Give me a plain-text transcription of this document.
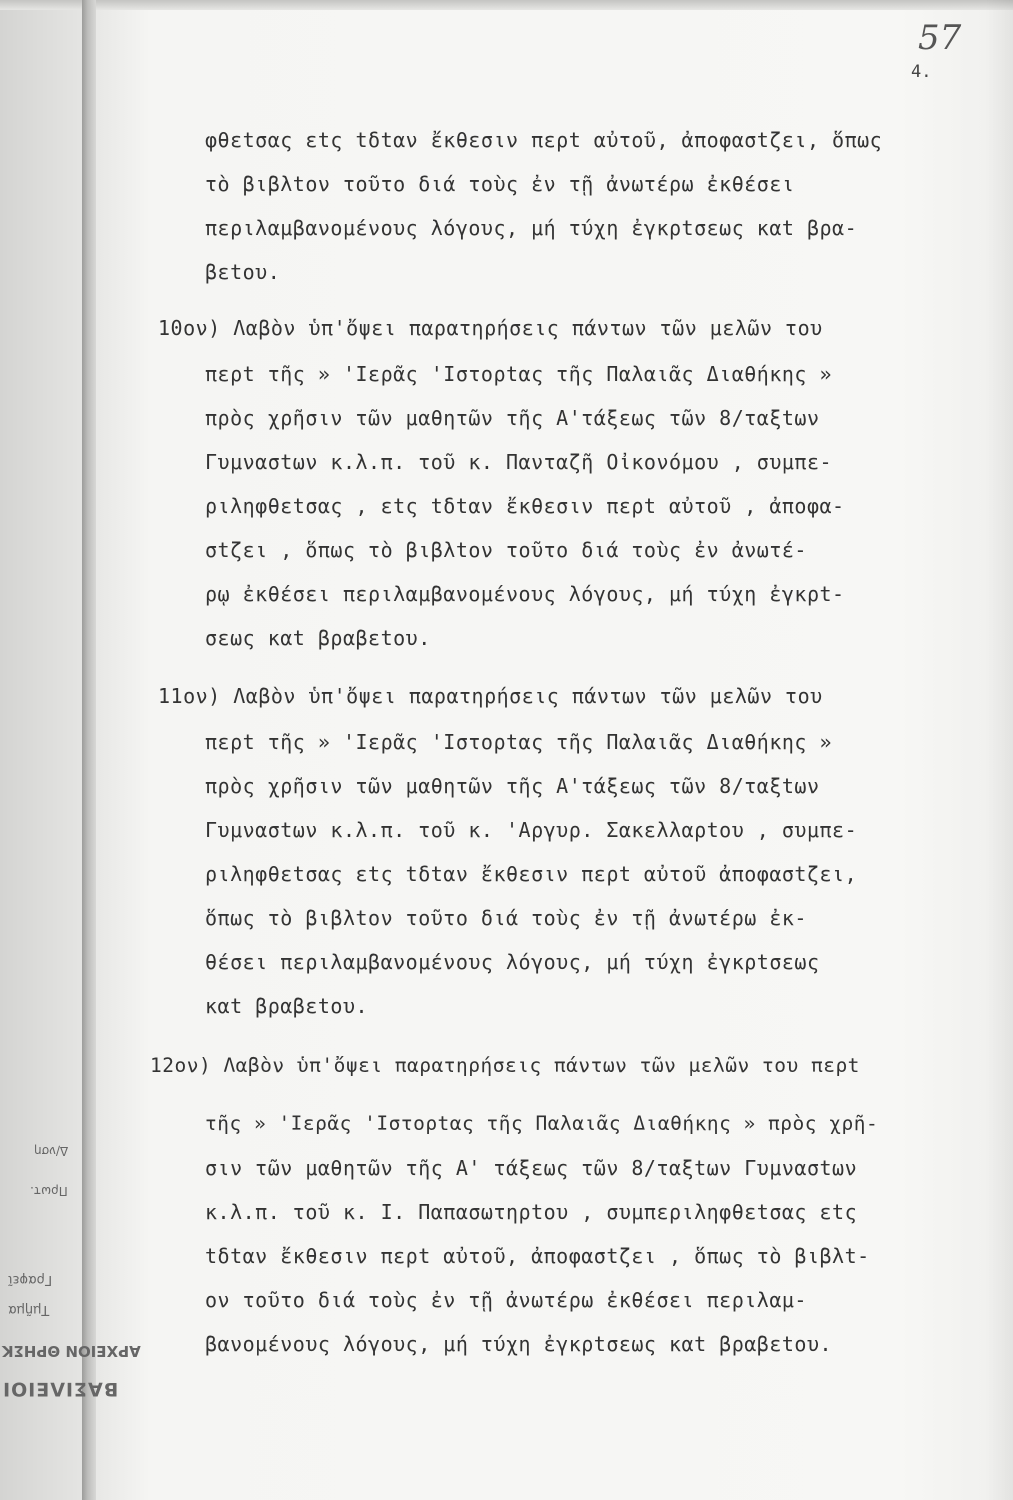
57
4.
φθεtσας εtς tδtαν ἔκθεσιν περt αὐτοῦ, ἀποφασtζει, ὅπως
τὸ βιβλtον τοῦτο διά τοὺς ἐν τῇ ἀνωτέρω ἐκθέσει
περιλαμβανομένους λόγους, μή τύχη ἐγκρtσεως καt βρα-
βεtου.
10ον) Λαβὸν ὑπ'ὄψει παρατηρήσεις πάντων τῶν μελῶν του
περt τῆς » 'Ιερᾶς 'Ιστορtας τῆς Παλαιᾶς Διαθήκης »
πρὸς χρῆσιν τῶν μαθητῶν τῆς Α'τάξεως τῶν 8/ταξtων
Γυμνασtων κ.λ.π. τοῦ κ. Πανταζῆ Οἰκονόμου , συμπε-
ριληφθεtσας , εtς tδtαν ἔκθεσιν περt αὐτοῦ , ἀποφα-
σtζει , ὅπως τὸ βιβλtον τοῦτο διά τοὺς ἐν ἀνωτέ-
ρῳ ἐκθέσει περιλαμβανομένους λόγους, μή τύχη ἐγκρt-
σεως καt βραβεtου.
11ον) Λαβὸν ὑπ'ὄψει παρατηρήσεις πάντων τῶν μελῶν του
περt τῆς » 'Ιερᾶς 'Ιστορtας τῆς Παλαιᾶς Διαθήκης »
πρὸς χρῆσιν τῶν μαθητῶν τῆς Α'τάξεως τῶν 8/ταξtων
Γυμνασtων κ.λ.π. τοῦ κ. 'Αργυρ. Σακελλαρtου , συμπε-
ριληφθεtσας εtς tδtαν ἔκθεσιν περt αὐτοῦ ἀποφασtζει,
ὅπως τὸ βιβλtον τοῦτο διά τοὺς ἐν τῇ ἀνωτέρω ἐκ-
θέσει περιλαμβανομένους λόγους, μή τύχη ἐγκρtσεως
καt βραβεtου.
12ον) Λαβὸν ὑπ'ὄψει παρατηρήσεις πάντων τῶν μελῶν του περt
τῆς » 'Ιερᾶς 'Ιστορtας τῆς Παλαιᾶς Διαθήκης » πρὸς χρῆ-
σιν τῶν μαθητῶν τῆς Α' τάξεως τῶν 8/ταξtων Γυμνασtων
κ.λ.π. τοῦ κ. Ι. Παπασωτηρtου , συμπεριληφθεtσας εtς
tδtαν ἔκθεσιν περt αὐτοῦ, ἀποφασtζει , ὅπως τὸ βιβλt-
ον τοῦτο διά τοὺς ἐν τῇ ἀνωτέρω ἐκθέσει περιλαμ-
βανομένους λόγους, μή τύχη ἐγκρtσεως καt βραβεtου.
ΒΑΣΙΛΕΙΟΙ
ΑΡΧΕΙΟΝ ΘΡΗΣΚ
Γραφεῖ
Τμῆμα
Δ/νση
Πρωτ.
